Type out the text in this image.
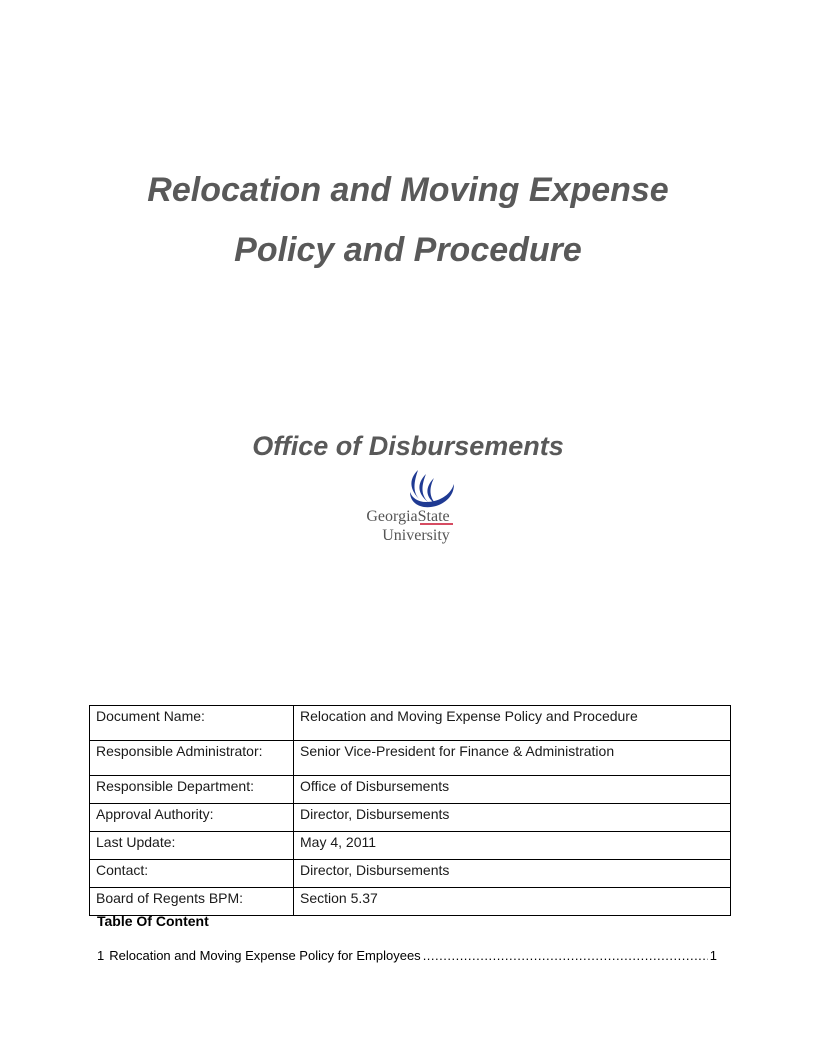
Relocation and Moving Expense
Policy and Procedure
Office of Disbursements
GeorgiaState
University
Document Name:	Relocation and Moving Expense Policy and Procedure
Responsible Administrator:	Senior Vice-President for Finance & Administration
Responsible Department:	Office of Disbursements
Approval Authority:	Director, Disbursements
Last Update:	May 4, 2011
Contact:	Director, Disbursements
Board of Regents BPM:	Section 5.37

Table Of Content

1 Relocation and Moving Expense Policy for Employees .....	1
